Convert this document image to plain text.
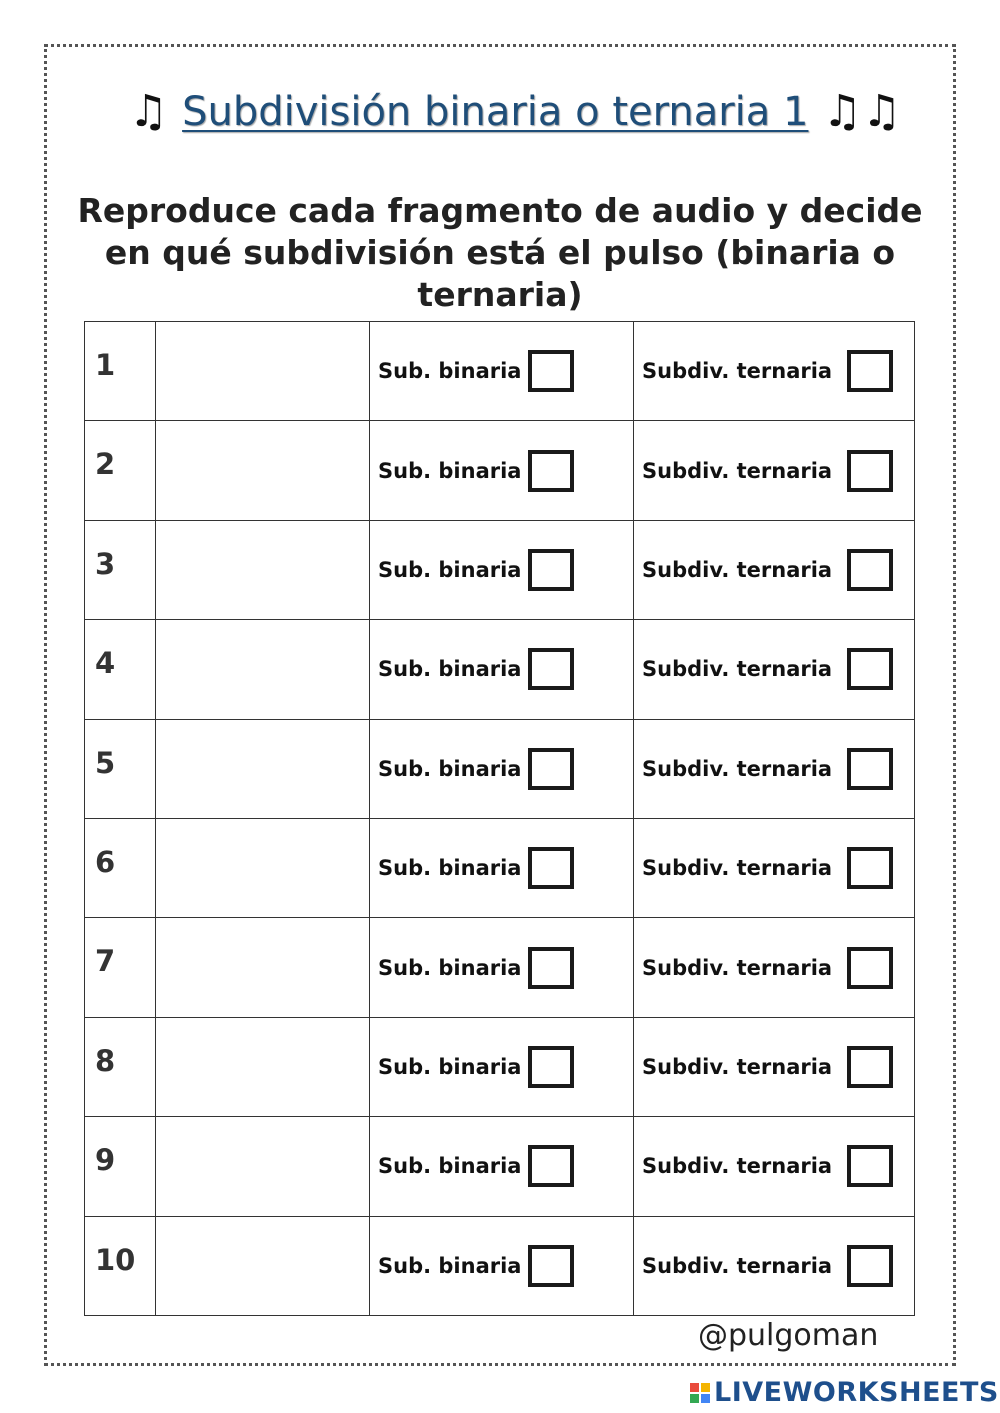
♫ Subdivisión binaria o ternaria 1 ♫♫
Reproduce cada fragmento de audio y decide en qué subdivisión está el pulso (binaria o ternaria)
1		Sub. binaria	Subdiv. ternaria

2		Sub. binaria	Subdiv. ternaria

3		Sub. binaria	Subdiv. ternaria

4		Sub. binaria	Subdiv. ternaria

5		Sub. binaria	Subdiv. ternaria

6		Sub. binaria	Subdiv. ternaria

7		Sub. binaria	Subdiv. ternaria

8		Sub. binaria	Subdiv. ternaria

9		Sub. binaria	Subdiv. ternaria

10		Sub. binaria	Subdiv. ternaria
@pulgoman
LIVEWORKSHEETS
